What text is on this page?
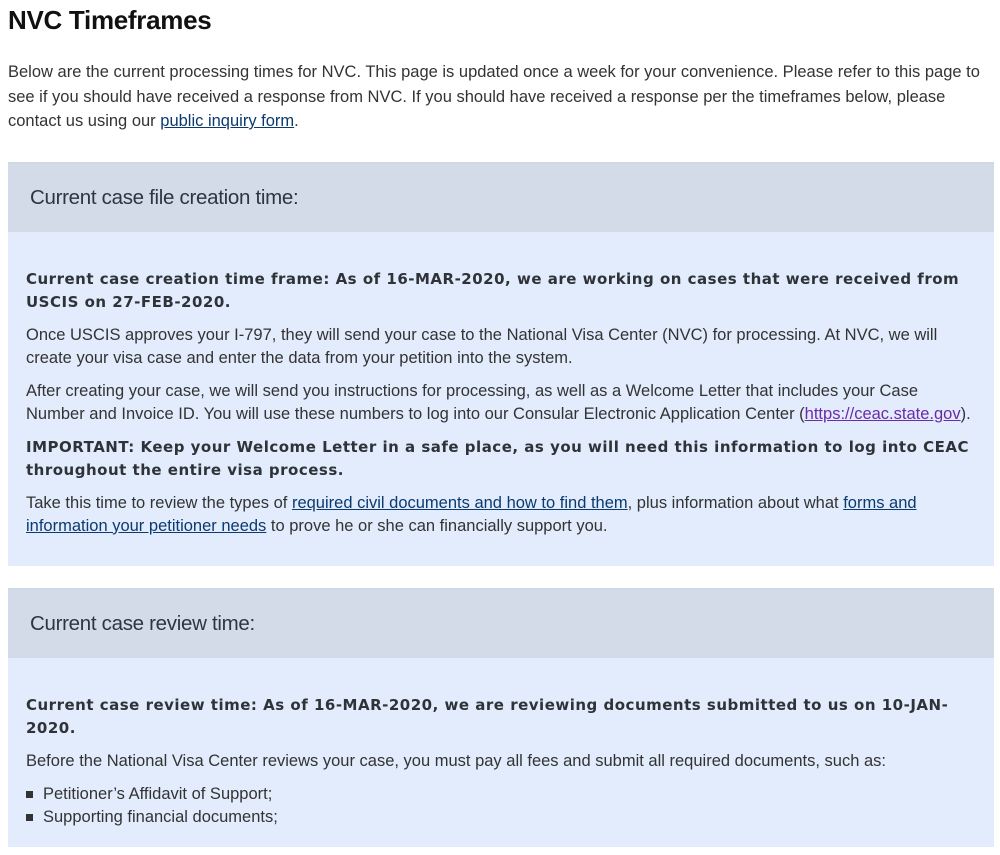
NVC Timeframes

Below are the current processing times for NVC. This page is updated once a week for your convenience. Please refer to this page to see if you should have received a response from NVC. If you should have received a response per the timeframes below, please contact us using our public inquiry form.

Current case file creation time:

Current case creation time frame: As of 16-MAR-2020, we are working on cases that were received from USCIS on 27-FEB-2020.

Once USCIS approves your I-797, they will send your case to the National Visa Center (NVC) for processing. At NVC, we will create your visa case and enter the data from your petition into the system.

After creating your case, we will send you instructions for processing, as well as a Welcome Letter that includes your Case Number and Invoice ID. You will use these numbers to log into our Consular Electronic Application Center (https://ceac.state.gov).

IMPORTANT: Keep your Welcome Letter in a safe place, as you will need this information to log into CEAC throughout the entire visa process.

Take this time to review the types of required civil documents and how to find them, plus information about what forms and information your petitioner needs to prove he or she can financially support you.

Current case review time:

Current case review time: As of 16-MAR-2020, we are reviewing documents submitted to us on 10-JAN-2020.

Before the National Visa Center reviews your case, you must pay all fees and submit all required documents, such as:

Petitioner’s Affidavit of Support;
Supporting financial documents;
